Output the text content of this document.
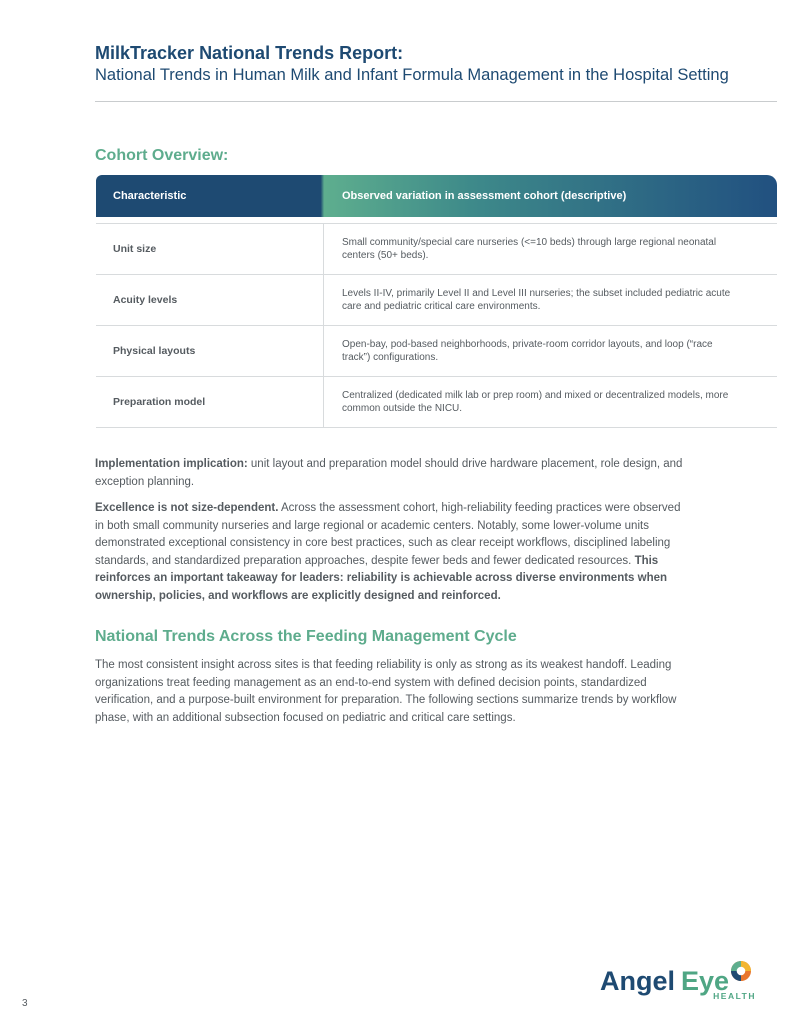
MilkTracker National Trends Report:
National Trends in Human Milk and Infant Formula Management in the Hospital Setting
Cohort Overview:
Characteristic	Observed variation in assessment cohort (descriptive)
Unit size
Small community/special care nurseries (<=10 beds) through large regional neonatal centers (50+ beds).
Acuity levels
Levels II-IV, primarily Level II and Level III nurseries; the subset included pediatric acute care and pediatric critical care environments.
Physical layouts
Open-bay, pod-based neighborhoods, private-room corridor layouts, and loop (“race track”) configurations.
Preparation model
Centralized (dedicated milk lab or prep room) and mixed or decentralized models, more common outside the NICU.
Implementation implication: unit layout and preparation model should drive hardware placement, role design, and exception planning.
Excellence is not size-dependent. Across the assessment cohort, high-reliability feeding practices were observed in both small community nurseries and large regional or academic centers. Notably, some lower-volume units demonstrated exceptional consistency in core best practices, such as clear receipt workflows, disciplined labeling standards, and standardized preparation approaches, despite fewer beds and fewer dedicated resources. This reinforces an important takeaway for leaders: reliability is achievable across diverse environments when ownership, policies, and workflows are explicitly designed and reinforced.
National Trends Across the Feeding Management Cycle
The most consistent insight across sites is that feeding reliability is only as strong as its weakest handoff. Leading organizations treat feeding management as an end-to-end system with defined decision points, standardized verification, and a purpose-built environment for preparation. The following sections summarize trends by workflow phase, with an additional subsection focused on pediatric and critical care settings.
Angel Eye
HEALTH
3
